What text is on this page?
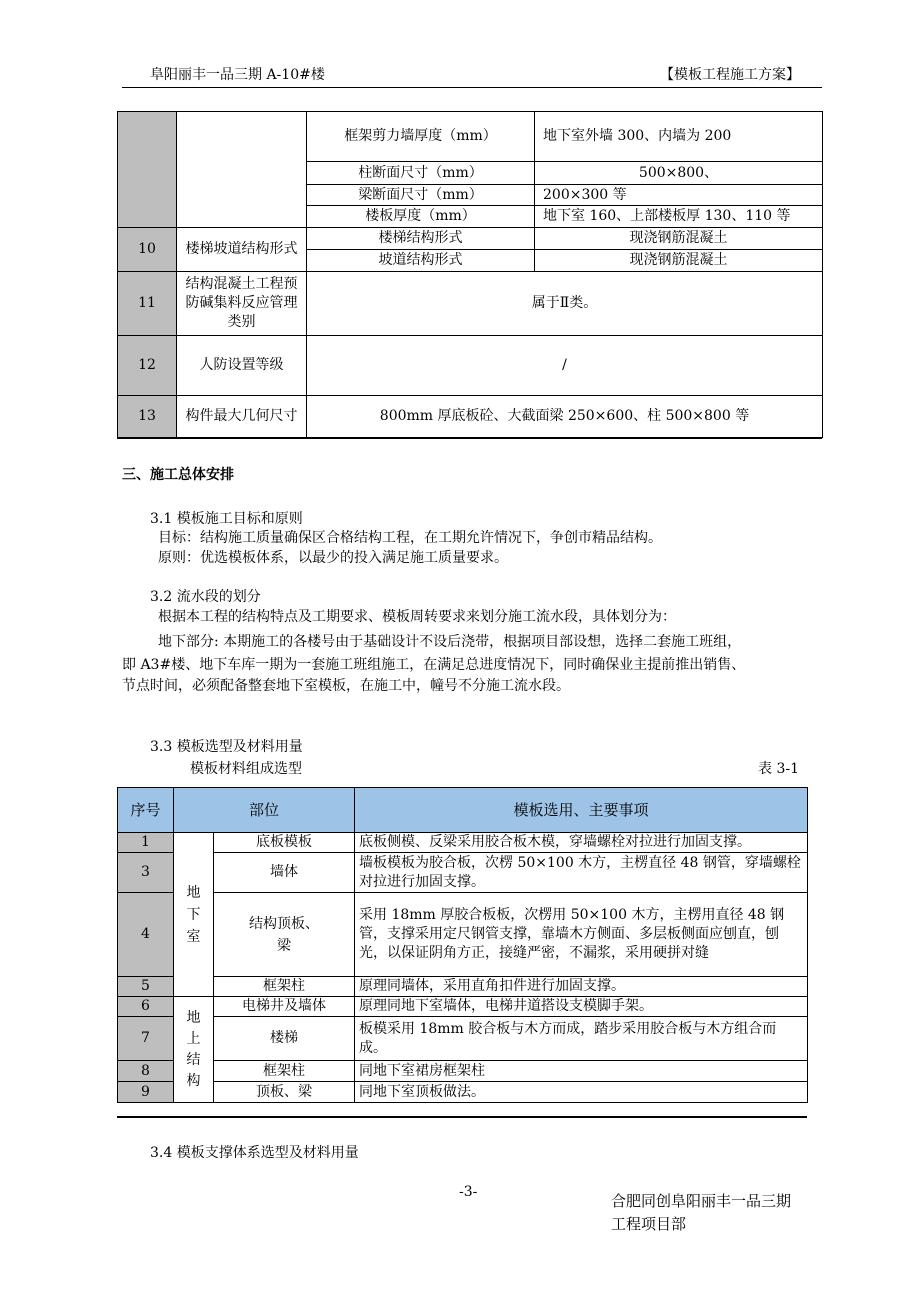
阜阳丽丰一品三期 A-10#楼	【模板工程施工方案】
		框架剪力墙厚度（mm）	地下室外墙 300、内墙为 200
		柱断面尺寸（mm）	500×800、
		梁断面尺寸（mm）	200×300 等
		楼板厚度（mm）	地下室 160、上部楼板厚 130、110 等
10	楼梯坡道结构形式	楼梯结构形式	现浇钢筋混凝土
		坡道结构形式	现浇钢筋混凝土
11	结构混凝土工程预防碱集料反应管理类别	属于Ⅱ类。	
12	人防设置等级	/	
13	构件最大几何尺寸	800mm 厚底板砼、大截面梁 250×600、柱 500×800 等	

三、施工总体安排

3.1 模板施工目标和原则

目标：结构施工质量确保区合格结构工程，在工期允许情况下，争创市精品结构。

原则：优选模板体系，以最少的投入满足施工质量要求。

3.2 流水段的划分

根据本工程的结构特点及工期要求、模板周转要求来划分施工流水段，具体划分为：

地下部分: 本期施工的各楼号由于基础设计不设后浇带，根据项目部设想，选择二套施工班组，

即 A3#楼、地下车库一期为一套施工班组施工，在满足总进度情况下，同时确保业主提前推出销售、

节点时间，必须配备整套地下室模板，在施工中，幢号不分施工流水段。

3.3 模板选型及材料用量

模板材料组成选型	表 3-1

序号	部位		模板选用、主要事项
1	地下室	底板模板	底板侧模、反梁采用胶合板木模，穿墙螺栓对拉进行加固支撑。
3		墙体	墙板模板为胶合板，次楞 50×100 木方，主楞直径 48 钢管，穿墙螺栓对拉进行加固支撑。
4		结构顶板、梁	采用 18mm 厚胶合板板，次楞用 50×100 木方，主楞用直径 48 钢管，支撑采用定尺钢管支撑，靠墙木方侧面、多层板侧面应刨直，刨光，以保证阴角方正，接缝严密，不漏浆，采用硬拼对缝
5		框架柱	原理同墙体，采用直角扣件进行加固支撑。

6	地上结构	电梯井及墙体	原理同地下室墙体，电梯井道搭设支模脚手架。
7		楼梯	板模采用 18mm 胶合板与木方而成，踏步采用胶合板与木方组合而成。
8		框架柱	同地下室裙房框架柱
9		顶板、梁	同地下室顶板做法。

3.4 模板支撑体系选型及材料用量

-3-	合肥同创阜阳丽丰一品三期

工程项目部
